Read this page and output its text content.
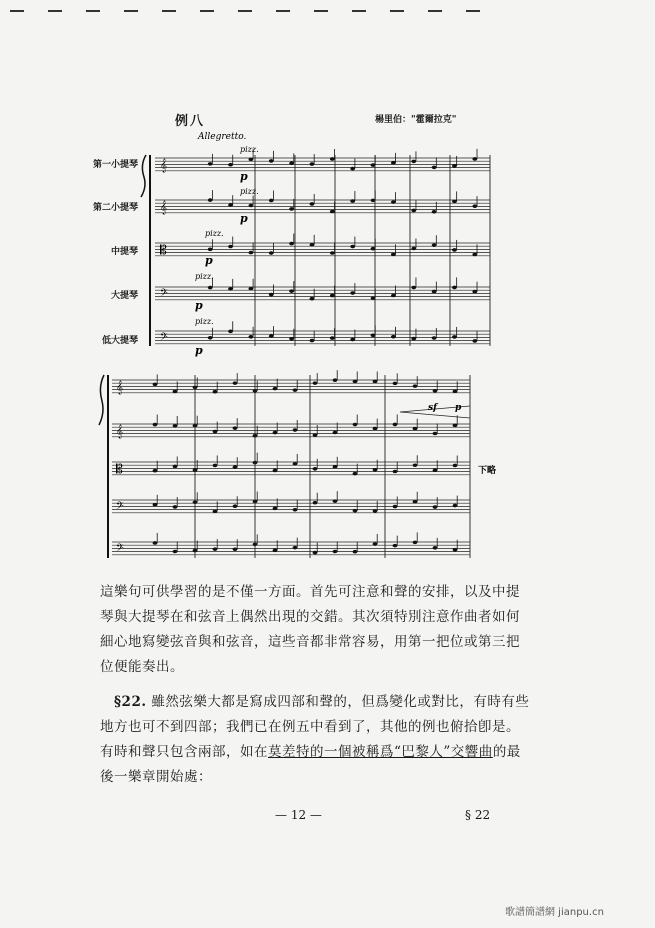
例八	楊里伯："霍爾拉克"
第一小提琴
第二小提琴
中提琴
大提琴
低大提琴
𝄞
𝄞
𝄡
𝄢
𝄢
𝄞
𝄞
𝄡
𝄢
𝄢
Allegretto.
pizz.
pizz.
pizz.
pizz.
pizz.
p
p
p
p
p
sf p
下略
這樂句可供學習的是不僅一方面。首先可注意和聲的安排，以及中提琴與大提琴在和弦音上偶然出現的交錯。其次須特別注意作曲者如何細心地寫變弦音與和弦音，這些音都非常容易，用第一把位或第三把位便能奏出。
§22. 雖然弦樂大都是寫成四部和聲的，但爲變化或對比，有時有些地方也可不到四部；我們已在例五中看到了，其他的例也俯拾卽是。有時和聲只包含兩部，如在莫差特的一個被稱爲“巴黎人”交響曲的最後一樂章開始處：
— 12 —	§ 22
歌譜簡譜網 jianpu.cn
